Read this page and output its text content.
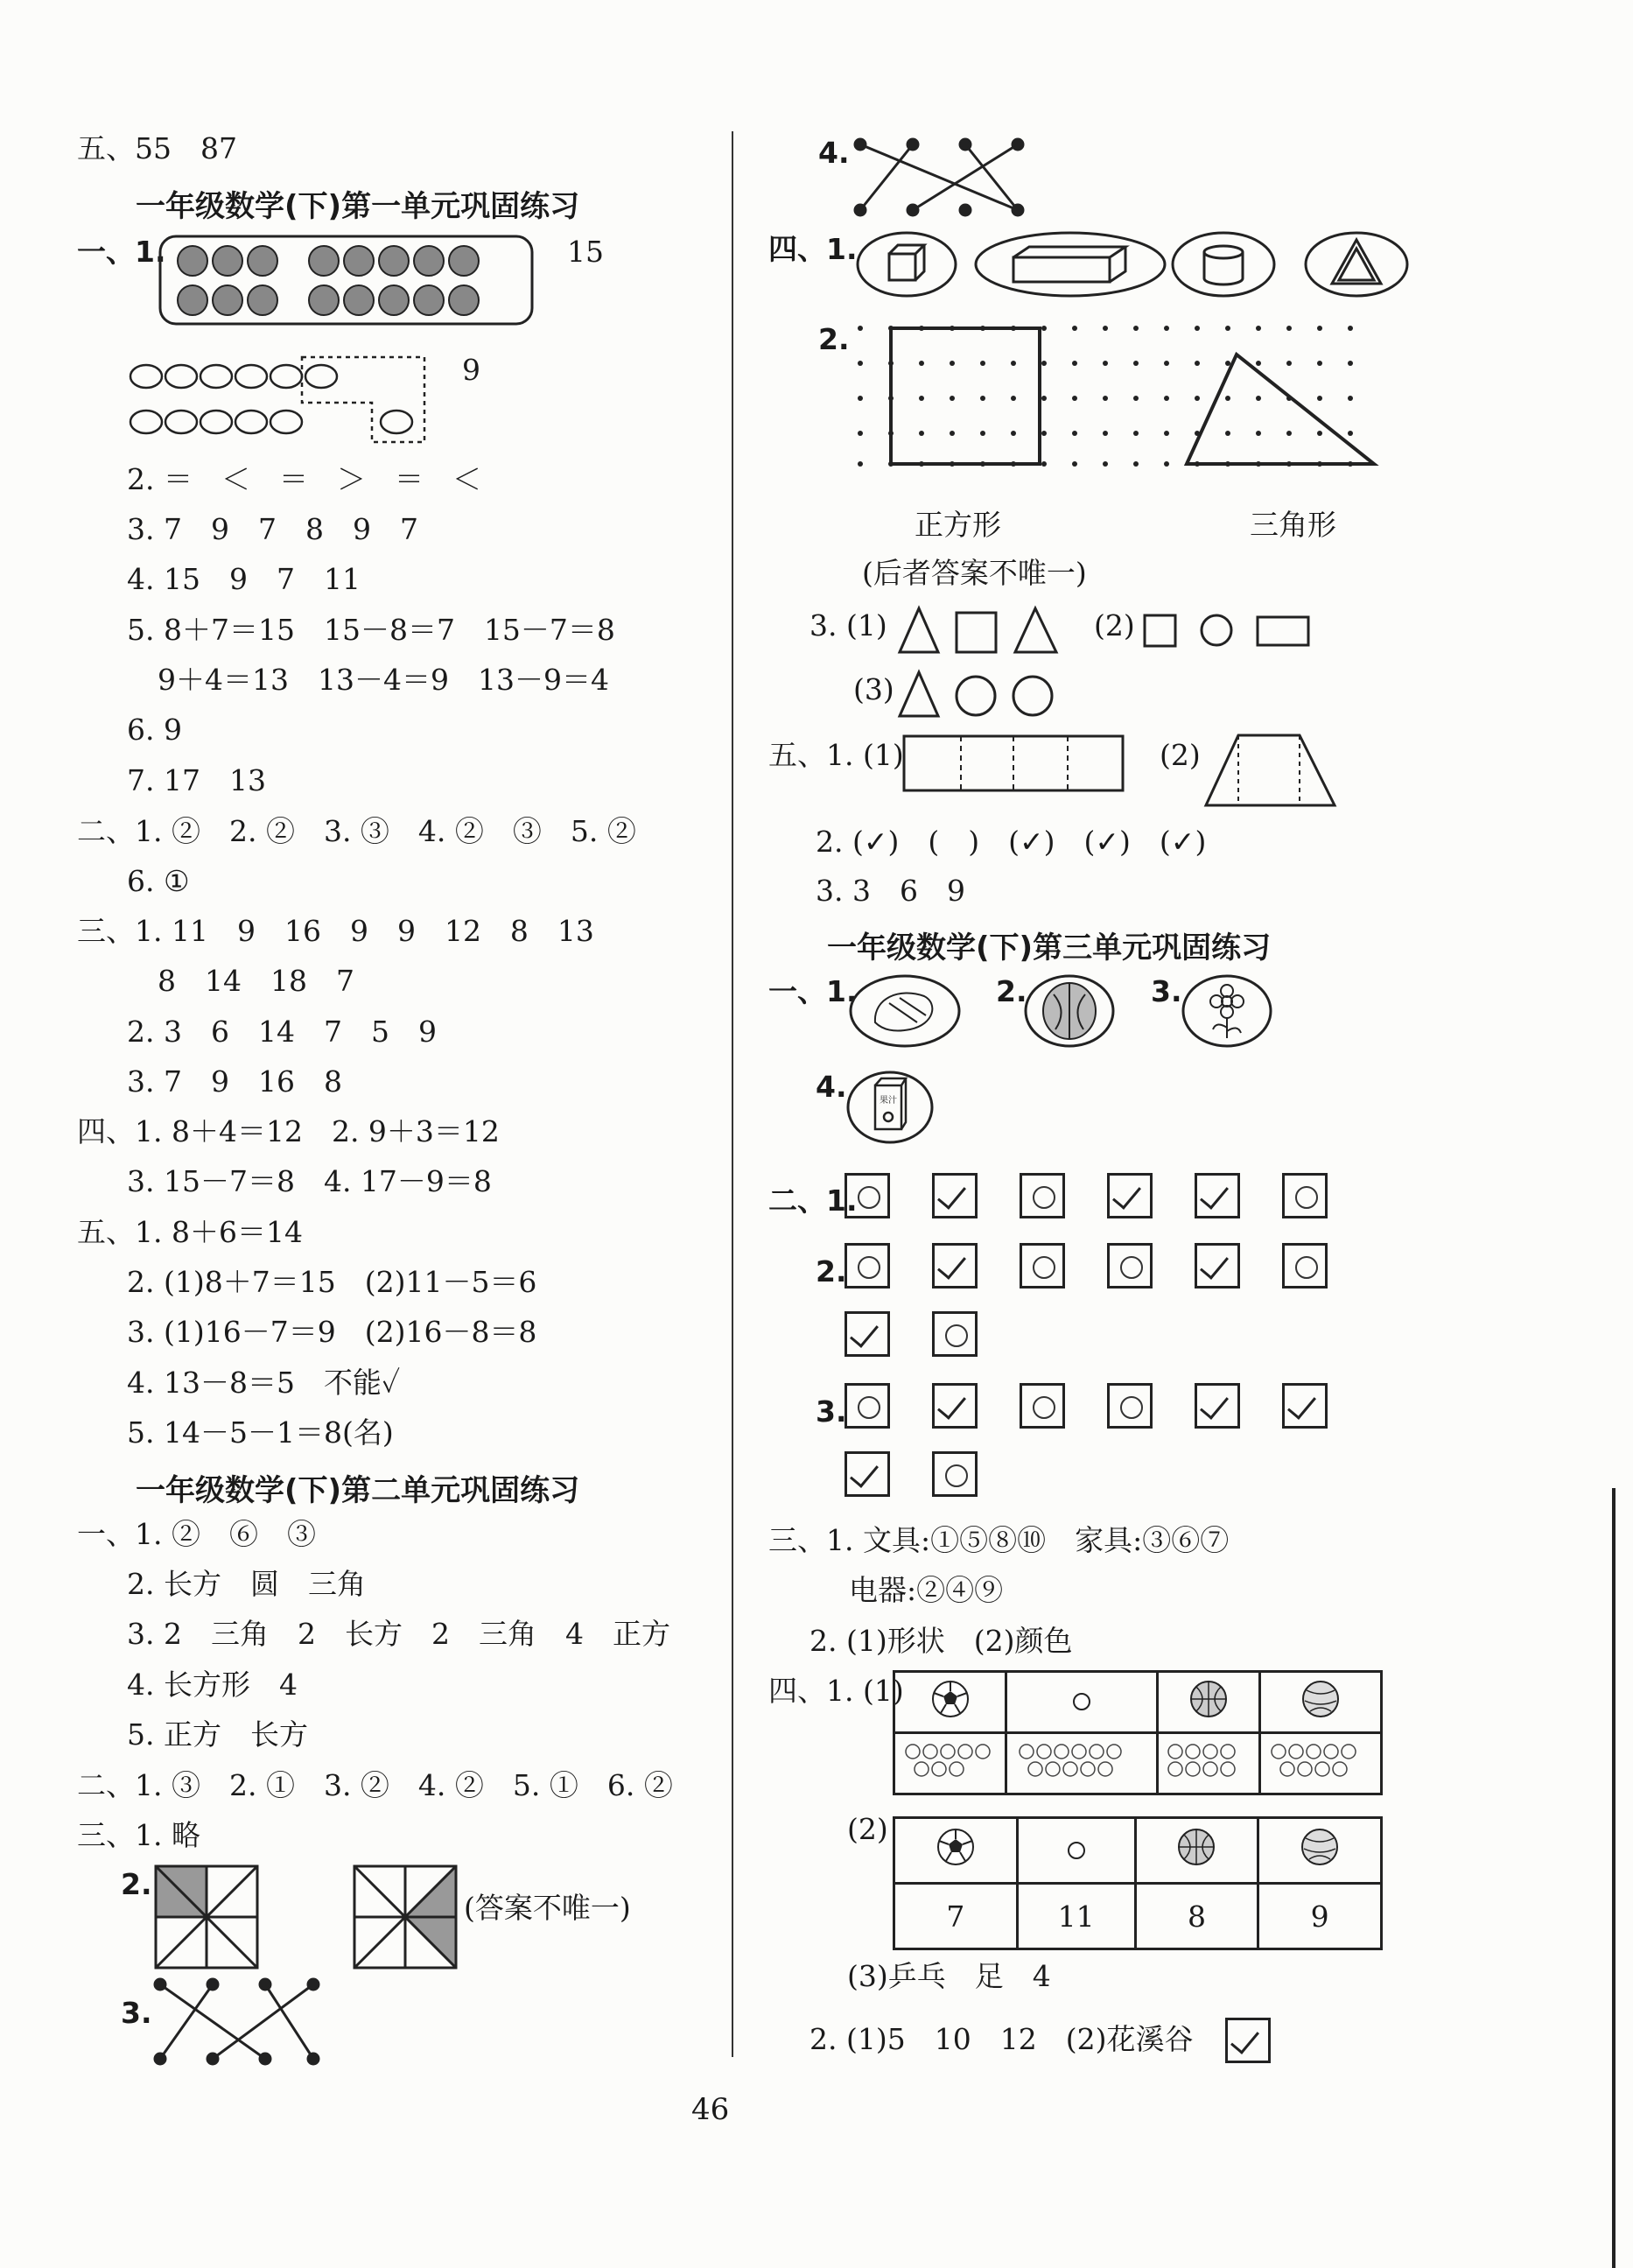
五、55　87
一年级数学(下)第一单元巩固练习
一、1.	15
9
2. ＝　＜　＝　＞　＝　＜
3. 7　9　7　8　9　7
4. 15　9　7　11
5. 8＋7＝15　15－8＝7　15－7＝8
9＋4＝13　13－4＝9　13－9＝4
6. 9
7. 17　13
二、1. ②　2. ②　3. ③　4. ②　③　5. ②
6. ①
三、1. 11　9　16　9　9　12　8　13
8　14　18　7
2. 3　6　14　7　5　9
3. 7　9　16　8
四、1. 8＋4＝12　2. 9＋3＝12
3. 15－7＝8　4. 17－9＝8
五、1. 8＋6＝14
2. (1)8＋7＝15　(2)11－5＝6
3. (1)16－7＝9　(2)16－8＝8
4. 13－8＝5　不能✓
5. 14－5－1＝8(名)
一年级数学(下)第二单元巩固练习
一、1. ②　⑥　③
2. 长方　圆　三角
3. 2　三角　2　长方　2　三角　4　正方
4. 长方形　4
5. 正方　长方
二、1. ③　2. ①　3. ②　4. ②　5. ①　6. ②
三、1. 略
2.
(答案不唯一)
3.
4.
四、1.
2.
正方形	三角形
(后者答案不唯一)
3. (1)	(2)
(3)
五、1. (1)	(2)
2. (✓)　(　)　(✓)　(✓)　(✓)
3. 3　6　9
一年级数学(下)第三单元巩固练习
一、1.	2.	3.
4.	果汁
二、1.
2.
3.
三、1. 文具:①⑤⑧⑩　家具:③⑥⑦
电器:②④⑨
2. (1)形状　(2)颜色
四、1. (1)

(2)

7	11	8	9
(3)乒乓　足　4
2. (1)5　10　12　(2)花溪谷
46
